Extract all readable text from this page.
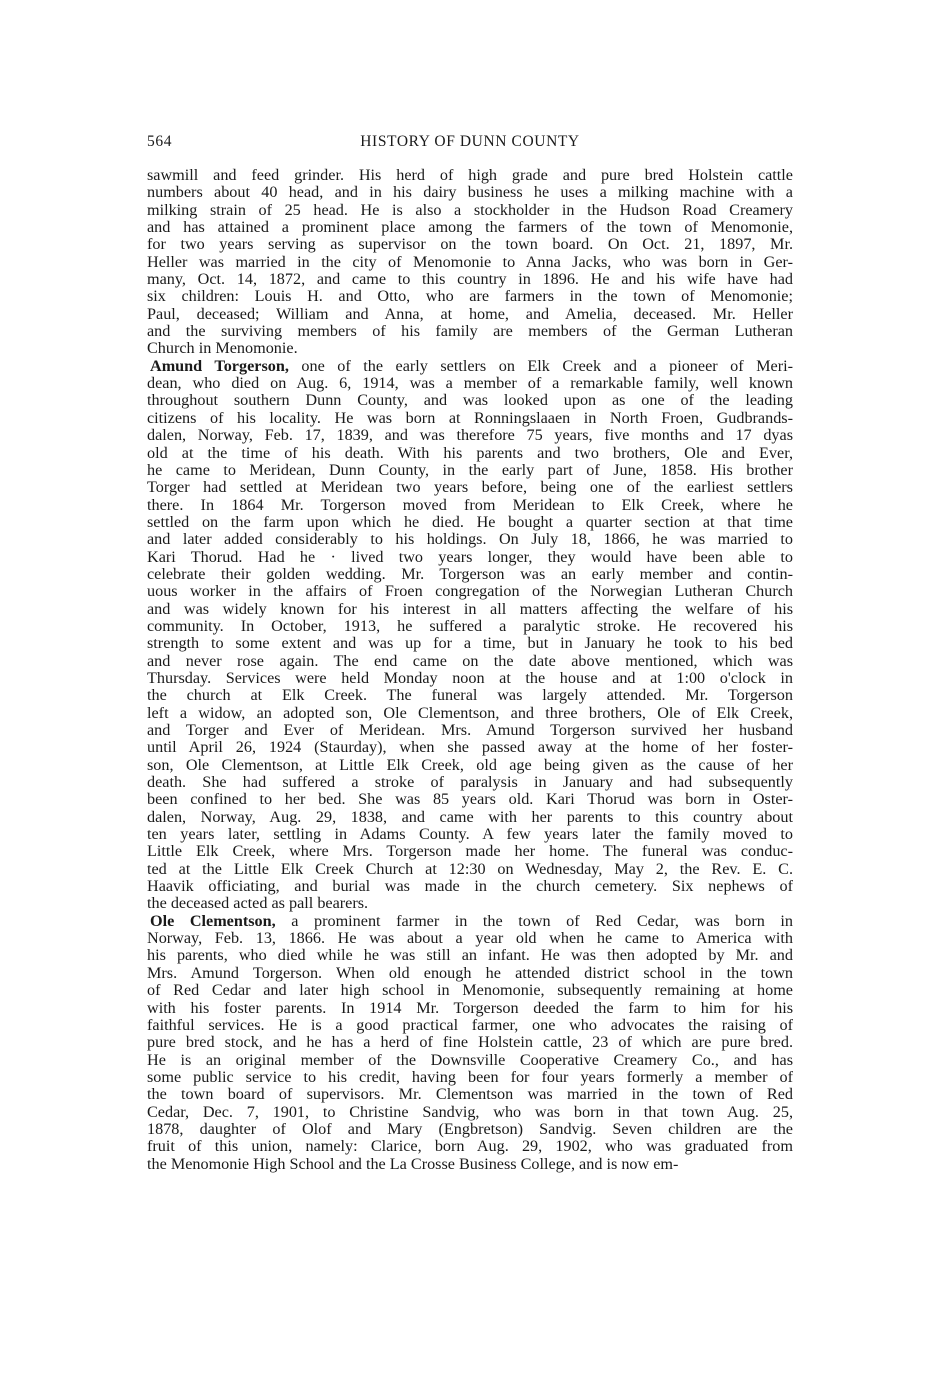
564	HISTORY OF DUNN COUNTY
sawmill and feed grinder. His herd of high grade and pure bred Holstein cattle
numbers about 40 head, and in his dairy business he uses a milking machine with a
milking strain of 25 head. He is also a stockholder in the Hudson Road Creamery
and has attained a prominent place among the farmers of the town of Menomonie,
for two years serving as supervisor on the town board. On Oct. 21, 1897, Mr.
Heller was married in the city of Menomonie to Anna Jacks, who was born in Ger-
many, Oct. 14, 1872, and came to this country in 1896. He and his wife have had
six children: Louis H. and Otto, who are farmers in the town of Menomonie;
Paul, deceased; William and Anna, at home, and Amelia, deceased. Mr. Heller
and the surviving members of his family are members of the German Lutheran
Church in Menomonie.
Amund Torgerson, one of the early settlers on Elk Creek and a pioneer of Meri-
dean, who died on Aug. 6, 1914, was a member of a remarkable family, well known
throughout southern Dunn County, and was looked upon as one of the leading
citizens of his locality. He was born at Ronningslaaen in North Froen, Gudbrands-
dalen, Norway, Feb. 17, 1839, and was therefore 75 years, five months and 17 dyas
old at the time of his death. With his parents and two brothers, Ole and Ever,
he came to Meridean, Dunn County, in the early part of June, 1858. His brother
Torger had settled at Meridean two years before, being one of the earliest settlers
there. In 1864 Mr. Torgerson moved from Meridean to Elk Creek, where he
settled on the farm upon which he died. He bought a quarter section at that time
and later added considerably to his holdings. On July 18, 1866, he was married to
Kari Thorud. Had he · lived two years longer, they would have been able to
celebrate their golden wedding. Mr. Torgerson was an early member and contin-
uous worker in the affairs of Froen congregation of the Norwegian Lutheran Church
and was widely known for his interest in all matters affecting the welfare of his
community. In October, 1913, he suffered a paralytic stroke. He recovered his
strength to some extent and was up for a time, but in January he took to his bed
and never rose again. The end came on the date above mentioned, which was
Thursday. Services were held Monday noon at the house and at 1:00 o'clock in
the church at Elk Creek. The funeral was largely attended. Mr. Torgerson
left a widow, an adopted son, Ole Clementson, and three brothers, Ole of Elk Creek,
and Torger and Ever of Meridean. Mrs. Amund Torgerson survived her husband
until April 26, 1924 (Staurday), when she passed away at the home of her foster-
son, Ole Clementson, at Little Elk Creek, old age being given as the cause of her
death. She had suffered a stroke of paralysis in January and had subsequently
been confined to her bed. She was 85 years old. Kari Thorud was born in Oster-
dalen, Norway, Aug. 29, 1838, and came with her parents to this country about
ten years later, settling in Adams County. A few years later the family moved to
Little Elk Creek, where Mrs. Torgerson made her home. The funeral was conduc-
ted at the Little Elk Creek Church at 12:30 on Wednesday, May 2, the Rev. E. C.
Haavik officiating, and burial was made in the church cemetery. Six nephews of
the deceased acted as pall bearers.
Ole Clementson, a prominent farmer in the town of Red Cedar, was born in
Norway, Feb. 13, 1866. He was about a year old when he came to America with
his parents, who died while he was still an infant. He was then adopted by Mr. and
Mrs. Amund Torgerson. When old enough he attended district school in the town
of Red Cedar and later high school in Menomonie, subsequently remaining at home
with his foster parents. In 1914 Mr. Torgerson deeded the farm to him for his
faithful services. He is a good practical farmer, one who advocates the raising of
pure bred stock, and he has a herd of fine Holstein cattle, 23 of which are pure bred.
He is an original member of the Downsville Cooperative Creamery Co., and has
some public service to his credit, having been for four years formerly a member of
the town board of supervisors. Mr. Clementson was married in the town of Red
Cedar, Dec. 7, 1901, to Christine Sandvig, who was born in that town Aug. 25,
1878, daughter of Olof and Mary (Engbretson) Sandvig. Seven children are the
fruit of this union, namely: Clarice, born Aug. 29, 1902, who was graduated from
the Menomonie High School and the La Crosse Business College, and is now em-
